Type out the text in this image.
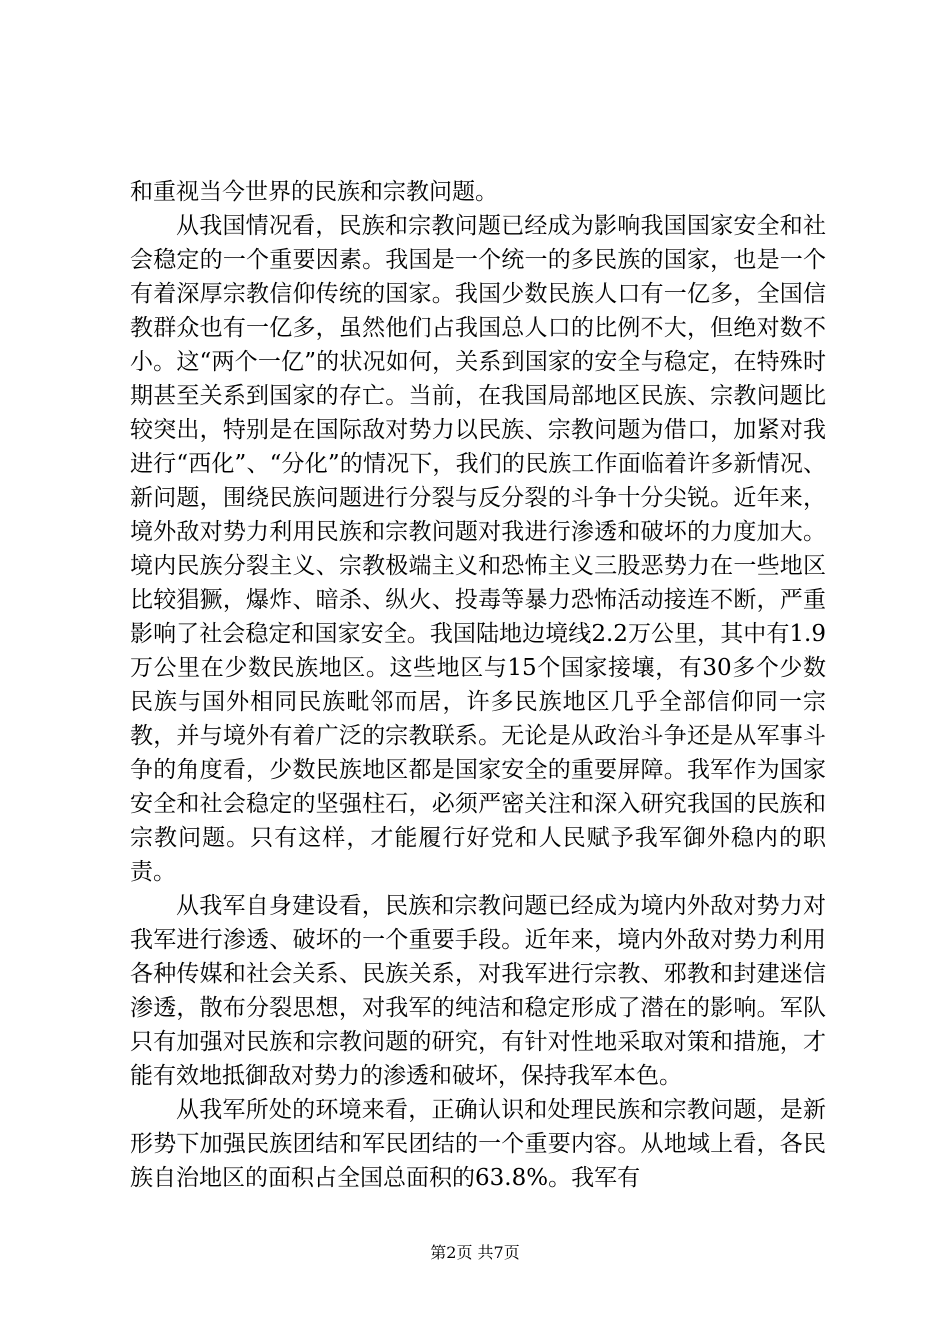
和重视当今世界的民族和宗教问题。

从我国情况看，民族和宗教问题已经成为影响我国国家安全和社会稳定的一个重要因素。我国是一个统一的多民族的国家，也是一个有着深厚宗教信仰传统的国家。我国少数民族人口有一亿多，全国信教群众也有一亿多，虽然他们占我国总人口的比例不大，但绝对数不小。这“两个一亿”的状况如何，关系到国家的安全与稳定，在特殊时期甚至关系到国家的存亡。当前，在我国局部地区民族、宗教问题比较突出，特别是在国际敌对势力以民族、宗教问题为借口，加紧对我进行“西化”、“分化”的情况下，我们的民族工作面临着许多新情况、新问题，围绕民族问题进行分裂与反分裂的斗争十分尖锐。近年来，境外敌对势力利用民族和宗教问题对我进行渗透和破坏的力度加大。境内民族分裂主义、宗教极端主义和恐怖主义三股恶势力在一些地区比较猖獗，爆炸、暗杀、纵火、投毒等暴力恐怖活动接连不断，严重影响了社会稳定和国家安全。我国陆地边境线2.2万公里，其中有1.9万公里在少数民族地区。这些地区与15个国家接壤，有30多个少数民族与国外相同民族毗邻而居，许多民族地区几乎全部信仰同一宗教，并与境外有着广泛的宗教联系。无论是从政治斗争还是从军事斗争的角度看，少数民族地区都是国家安全的重要屏障。我军作为国家安全和社会稳定的坚强柱石，必须严密关注和深入研究我国的民族和宗教问题。只有这样，才能履行好党和人民赋予我军御外稳内的职责。

从我军自身建设看，民族和宗教问题已经成为境内外敌对势力对我军进行渗透、破坏的一个重要手段。近年来，境内外敌对势力利用各种传媒和社会关系、民族关系，对我军进行宗教、邪教和封建迷信渗透，散布分裂思想，对我军的纯洁和稳定形成了潜在的影响。军队只有加强对民族和宗教问题的研究，有针对性地采取对策和措施，才能有效地抵御敌对势力的渗透和破坏，保持我军本色。

从我军所处的环境来看，正确认识和处理民族和宗教问题，是新形势下加强民族团结和军民团结的一个重要内容。从地域上看，各民族自治地区的面积占全国总面积的63.8%。我军有

第2页 共7页
